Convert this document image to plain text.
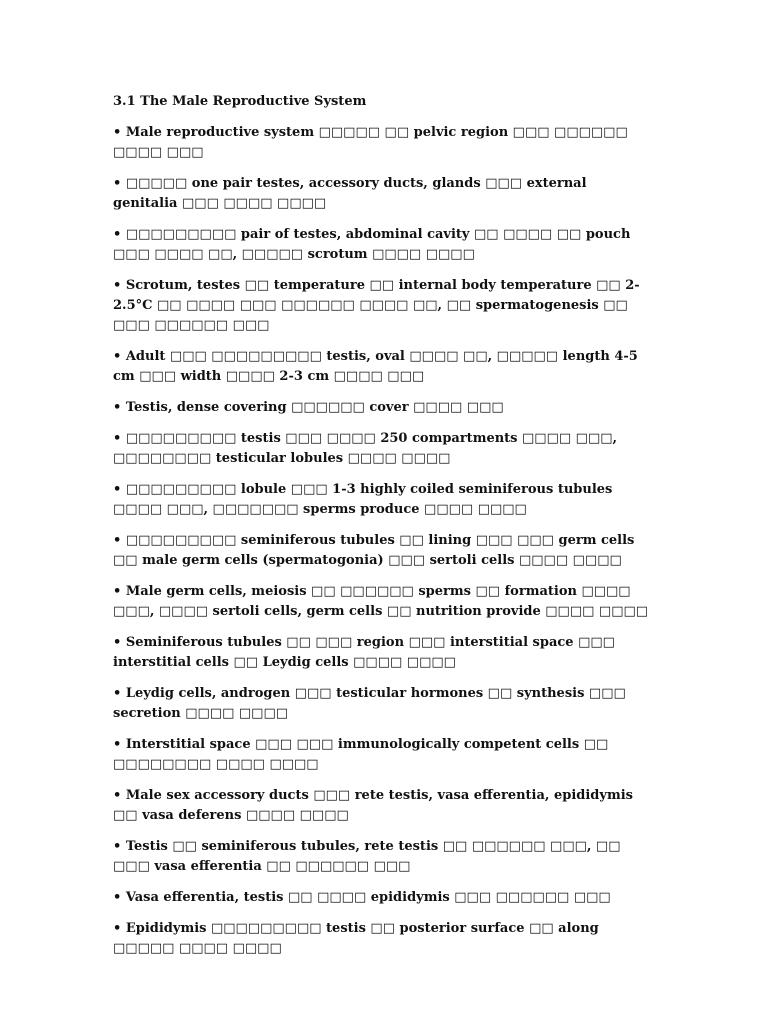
3.1 The Male Reproductive System
• Male reproductive system □□□□□ □□ pelvic region □□□ □□□□□□ □□□□ □□□
• □□□□□ one pair testes, accessory ducts, glands □□□ external genitalia □□□ □□□□ □□□□
• □□□□□□□□□ pair of testes, abdominal cavity □□ □□□□ □□ pouch □□□ □□□□ □□, □□□□□ scrotum □□□□ □□□□
• Scrotum, testes □□ temperature □□ internal body temperature □□ 2-2.5°C □□ □□□□ □□□ □□□□□□ □□□□ □□, □□ spermatogenesis □□ □□□ □□□□□□ □□□
• Adult □□□ □□□□□□□□□ testis, oval □□□□ □□, □□□□□ length 4-5 cm □□□ width □□□□ 2-3 cm □□□□ □□□
• Testis, dense covering □□□□□□ cover □□□□ □□□
• □□□□□□□□□ testis □□□ □□□□ 250 compartments □□□□ □□□, □□□□□□□□ testicular lobules □□□□ □□□□
• □□□□□□□□□ lobule □□□ 1-3 highly coiled seminiferous tubules □□□□ □□□, □□□□□□□ sperms produce □□□□ □□□□
• □□□□□□□□□ seminiferous tubules □□ lining □□□ □□□ germ cells □□ male germ cells (spermatogonia) □□□ sertoli cells □□□□ □□□□
• Male germ cells, meiosis □□ □□□□□□ sperms □□ formation □□□□ □□□, □□□□ sertoli cells, germ cells □□ nutrition provide □□□□ □□□□
• Seminiferous tubules □□ □□□ region □□□ interstitial space □□□ interstitial cells □□ Leydig cells □□□□ □□□□
• Leydig cells, androgen □□□ testicular hormones □□ synthesis □□□ secretion □□□□ □□□□
• Interstitial space □□□ □□□ immunologically competent cells □□ □□□□□□□□ □□□□ □□□□
• Male sex accessory ducts □□□ rete testis, vasa efferentia, epididymis □□ vasa deferens □□□□ □□□□
• Testis □□ seminiferous tubules, rete testis □□ □□□□□□ □□□, □□ □□□ vasa efferentia □□ □□□□□□ □□□
• Vasa efferentia, testis □□ □□□□ epididymis □□□ □□□□□□ □□□
• Epididymis □□□□□□□□□ testis □□ posterior surface □□ along □□□□□ □□□□ □□□□
